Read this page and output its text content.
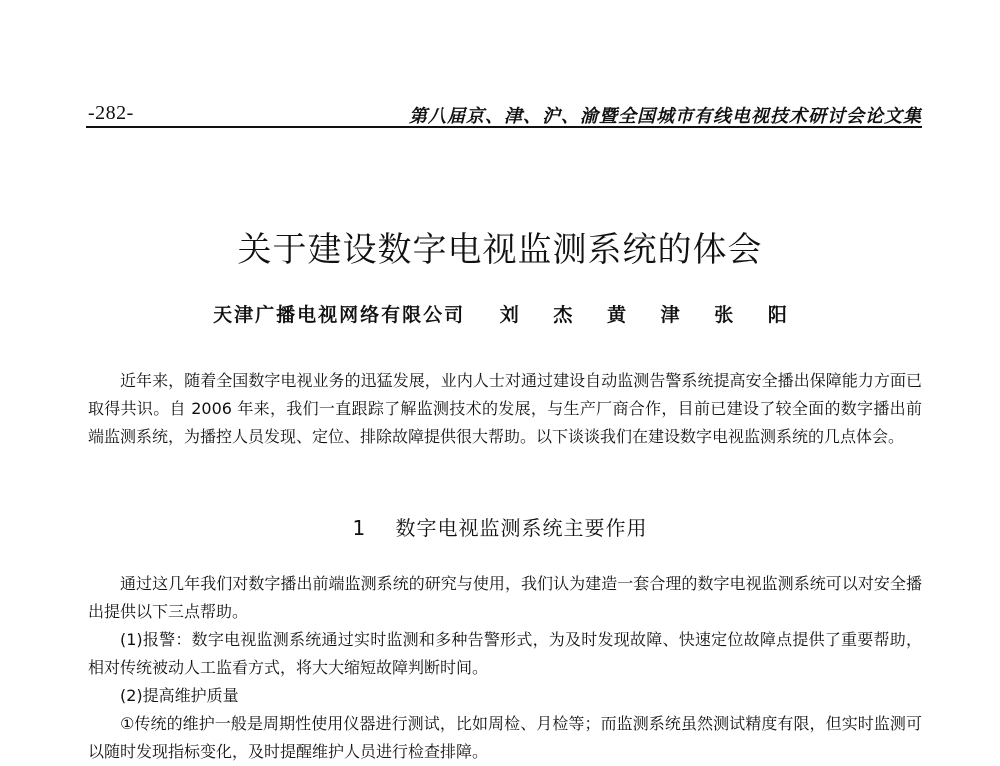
-282-	第八届京、津、沪、渝暨全国城市有线电视技术研讨会论文集
关于建设数字电视监测系统的体会
天津广播电视网络有限公司 刘 杰 黄 津 张 阳

近年来，随着全国数字电视业务的迅猛发展，业内人士对通过建设自动监测告警系统提高安全播出保障能力方面已取得共识。自 2006 年来，我们一直跟踪了解监测技术的发展，与生产厂商合作，目前已建设了较全面的数字播出前端监测系统，为播控人员发现、定位、排除故障提供很大帮助。以下谈谈我们在建设数字电视监测系统的几点体会。

1 数字电视监测系统主要作用

通过这几年我们对数字播出前端监测系统的研究与使用，我们认为建造一套合理的数字电视监测系统可以对安全播出提供以下三点帮助。

(1)报警：数字电视监测系统通过实时监测和多种告警形式，为及时发现故障、快速定位故障点提供了重要帮助，相对传统被动人工监看方式，将大大缩短故障判断时间。

(2)提高维护质量

①传统的维护一般是周期性使用仪器进行测试，比如周检、月检等；而监测系统虽然测试精度有限，但实时监测可以随时发现指标变化，及时提醒维护人员进行检查排障。
